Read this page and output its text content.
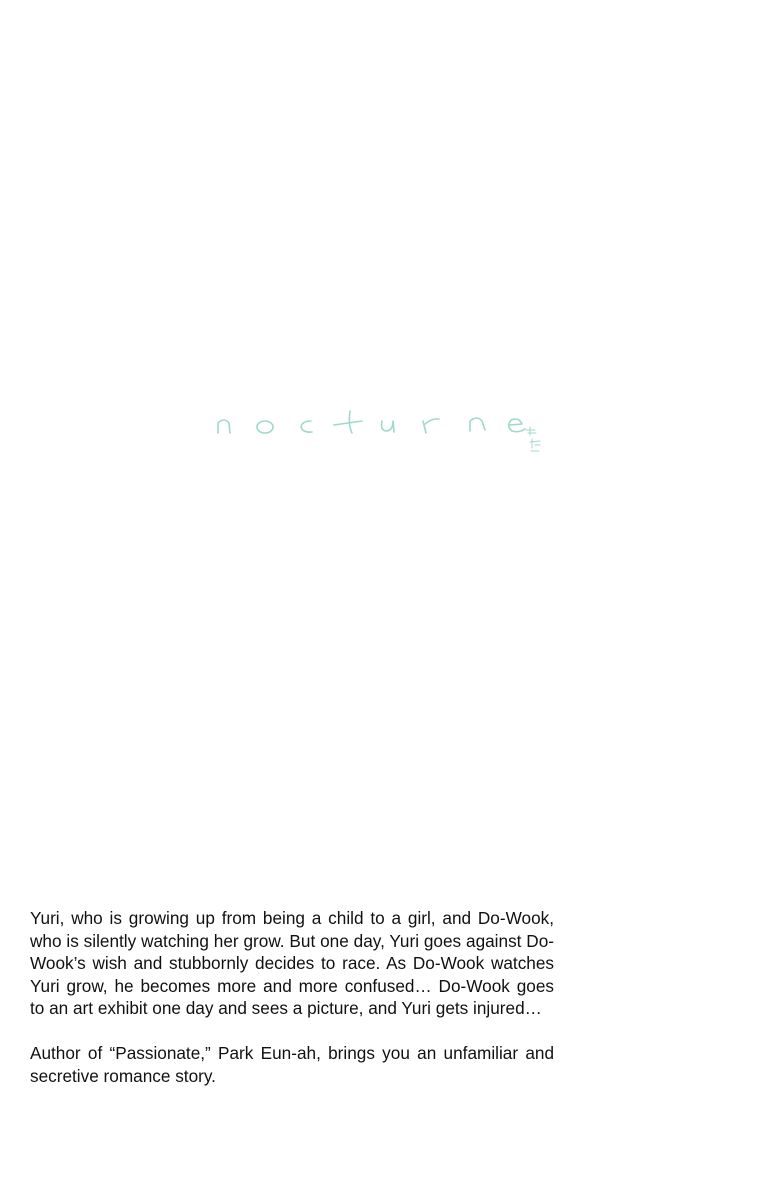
Yuri, who is growing up from being a child to a girl, and Do-Wook, who is silently watching her grow. But one day, Yuri goes against Do-Wook’s wish and stubbornly decides to race. As Do-Wook watches Yuri grow, he becomes more and more confused… Do-Wook goes to an art exhibit one day and sees a picture, and Yuri gets injured…

Author of “Passionate,” Park Eun-ah, brings you an unfamiliar and secretive romance story.
